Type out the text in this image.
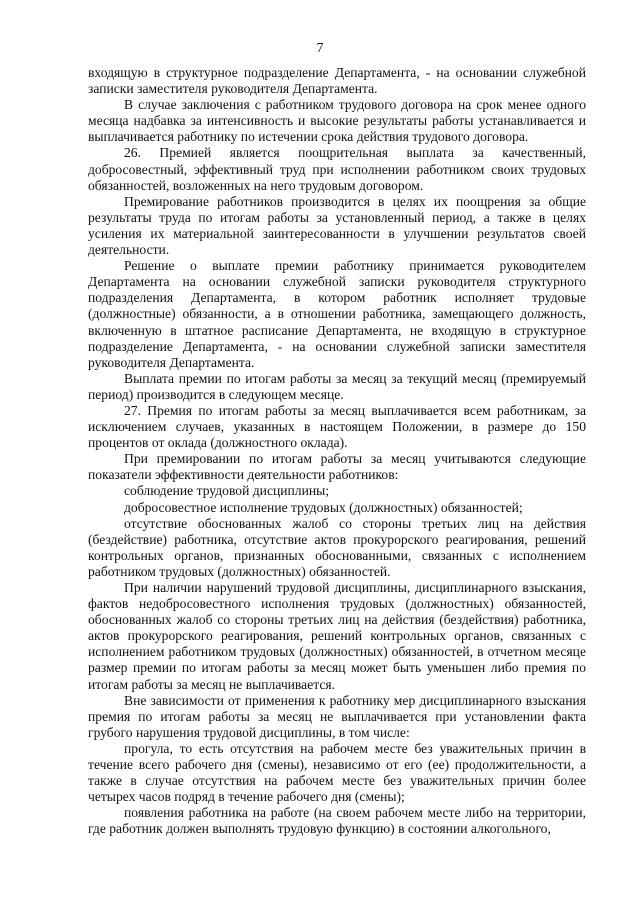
7

входящую в структурное подразделение Департамента, - на основании служебной записки заместителя руководителя Департамента.

В случае заключения с работником трудового договора на срок менее одного месяца надбавка за интенсивность и высокие результаты работы устанавливается и выплачивается работнику по истечении срока действия трудового договора.

26. Премией является поощрительная выплата за качественный, добросовестный, эффективный труд при исполнении работником своих трудовых обязанностей, возложенных на него трудовым договором.

Премирование работников производится в целях их поощрения за общие результаты труда по итогам работы за установленный период, а также в целях усиления их материальной заинтересованности в улучшении результатов своей деятельности.

Решение о выплате премии работнику принимается руководителем Департамента на основании служебной записки руководителя структурного подразделения Департамента, в котором работник исполняет трудовые (должностные) обязанности, а в отношении работника, замещающего должность, включенную в штатное расписание Департамента, не входящую в структурное подразделение Департамента, - на основании служебной записки заместителя руководителя Департамента.

Выплата премии по итогам работы за месяц за текущий месяц (премируемый период) производится в следующем месяце.

27. Премия по итогам работы за месяц выплачивается всем работникам, за исключением случаев, указанных в настоящем Положении, в размере до 150 процентов от оклада (должностного оклада).

При премировании по итогам работы за месяц учитываются следующие показатели эффективности деятельности работников:

соблюдение трудовой дисциплины;

добросовестное исполнение трудовых (должностных) обязанностей;

отсутствие обоснованных жалоб со стороны третьих лиц на действия (бездействие) работника, отсутствие актов прокурорского реагирования, решений контрольных органов, признанных обоснованными, связанных с исполнением работником трудовых (должностных) обязанностей.

При наличии нарушений трудовой дисциплины, дисциплинарного взыскания, фактов недобросовестного исполнения трудовых (должностных) обязанностей, обоснованных жалоб со стороны третьих лиц на действия (бездействия) работника, актов прокурорского реагирования, решений контрольных органов, связанных с исполнением работником трудовых (должностных) обязанностей, в отчетном месяце размер премии по итогам работы за месяц может быть уменьшен либо премия по итогам работы за месяц не выплачивается.

Вне зависимости от применения к работнику мер дисциплинарного взыскания премия по итогам работы за месяц не выплачивается при установлении факта грубого нарушения трудовой дисциплины, в том числе:

прогула, то есть отсутствия на рабочем месте без уважительных причин в течение всего рабочего дня (смены), независимо от его (ее) продолжительности, а также в случае отсутствия на рабочем месте без уважительных причин более четырех часов подряд в течение рабочего дня (смены);

появления работника на работе (на своем рабочем месте либо на территории, где работник должен выполнять трудовую функцию) в состоянии алкогольного,
